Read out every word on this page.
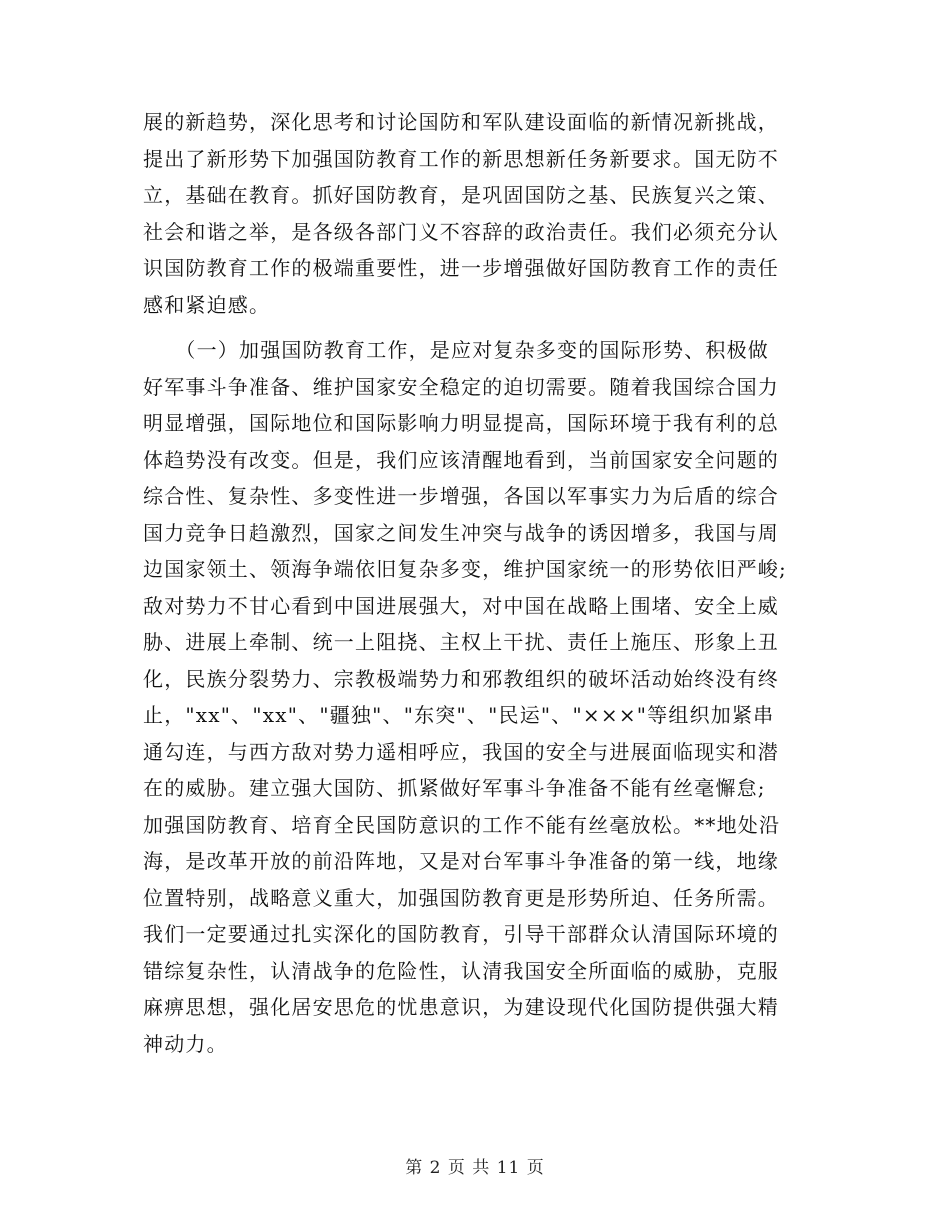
展的新趋势，深化思考和讨论国防和军队建设面临的新情况新挑战，
提出了新形势下加强国防教育工作的新思想新任务新要求。国无防不
立，基础在教育。抓好国防教育，是巩固国防之基、民族复兴之策、
社会和谐之举，是各级各部门义不容辞的政治责任。我们必须充分认
识国防教育工作的极端重要性，进一步增强做好国防教育工作的责任
感和紧迫感。
　　（一）加强国防教育工作，是应对复杂多变的国际形势、积极做
好军事斗争准备、维护国家安全稳定的迫切需要。随着我国综合国力
明显增强，国际地位和国际影响力明显提高，国际环境于我有利的总
体趋势没有改变。但是，我们应该清醒地看到，当前国家安全问题的
综合性、复杂性、多变性进一步增强，各国以军事实力为后盾的综合
国力竞争日趋激烈，国家之间发生冲突与战争的诱因增多，我国与周
边国家领土、领海争端依旧复杂多变，维护国家统一的形势依旧严峻;
敌对势力不甘心看到中国进展强大，对中国在战略上围堵、安全上威
胁、进展上牵制、统一上阻挠、主权上干扰、责任上施压、形象上丑
化，民族分裂势力、宗教极端势力和邪教组织的破坏活动始终没有终
止，"xx"、"xx"、"疆独"、"东突"、"民运"、"×××"等组织加紧串
通勾连，与西方敌对势力遥相呼应，我国的安全与进展面临现实和潜
在的威胁。建立强大国防、抓紧做好军事斗争准备不能有丝毫懈怠;
加强国防教育、培育全民国防意识的工作不能有丝毫放松。**地处沿
海，是改革开放的前沿阵地，又是对台军事斗争准备的第一线，地缘
位置特别，战略意义重大，加强国防教育更是形势所迫、任务所需。
我们一定要通过扎实深化的国防教育，引导干部群众认清国际环境的
错综复杂性，认清战争的危险性，认清我国安全所面临的威胁，克服
麻痹思想，强化居安思危的忧患意识，为建设现代化国防提供强大精
神动力。
第 2 页 共 11 页
